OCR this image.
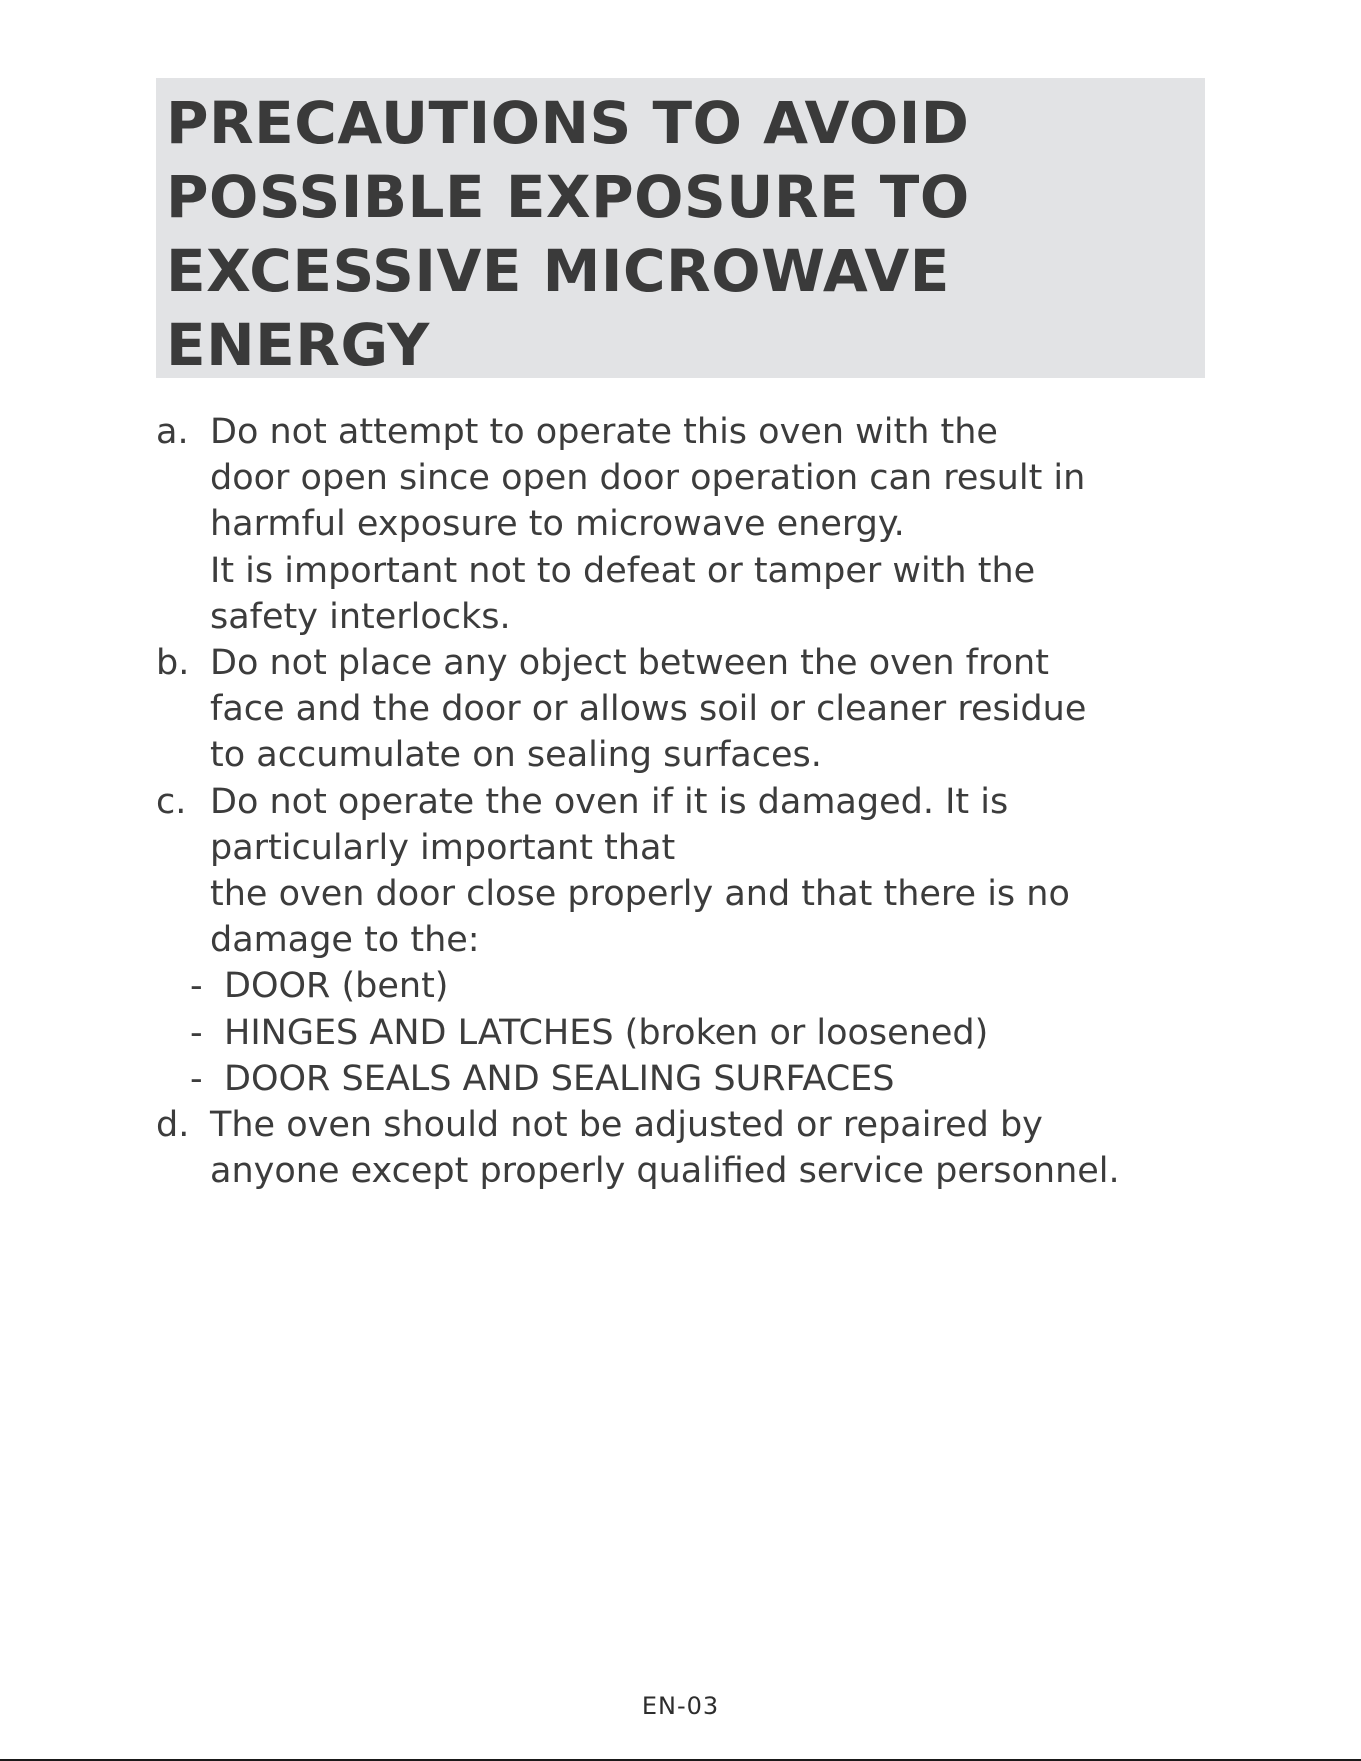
PRECAUTIONS TO AVOID
POSSIBLE EXPOSURE TO
EXCESSIVE MICROWAVE
ENERGY
a. Do not attempt to operate this oven with the
door open since open door operation can result in
harmful exposure to microwave energy.
It is important not to defeat or tamper with the
safety interlocks.
b. Do not place any object between the oven front
face and the door or allows soil or cleaner residue
to accumulate on sealing surfaces.
c. Do not operate the oven if it is damaged. It is
particularly important that
the oven door close properly and that there is no
damage to the:
- DOOR (bent)
- HINGES AND LATCHES (broken or loosened)
- DOOR SEALS AND SEALING SURFACES
d. The oven should not be adjusted or repaired by
anyone except properly qualified service personnel.
EN-03
